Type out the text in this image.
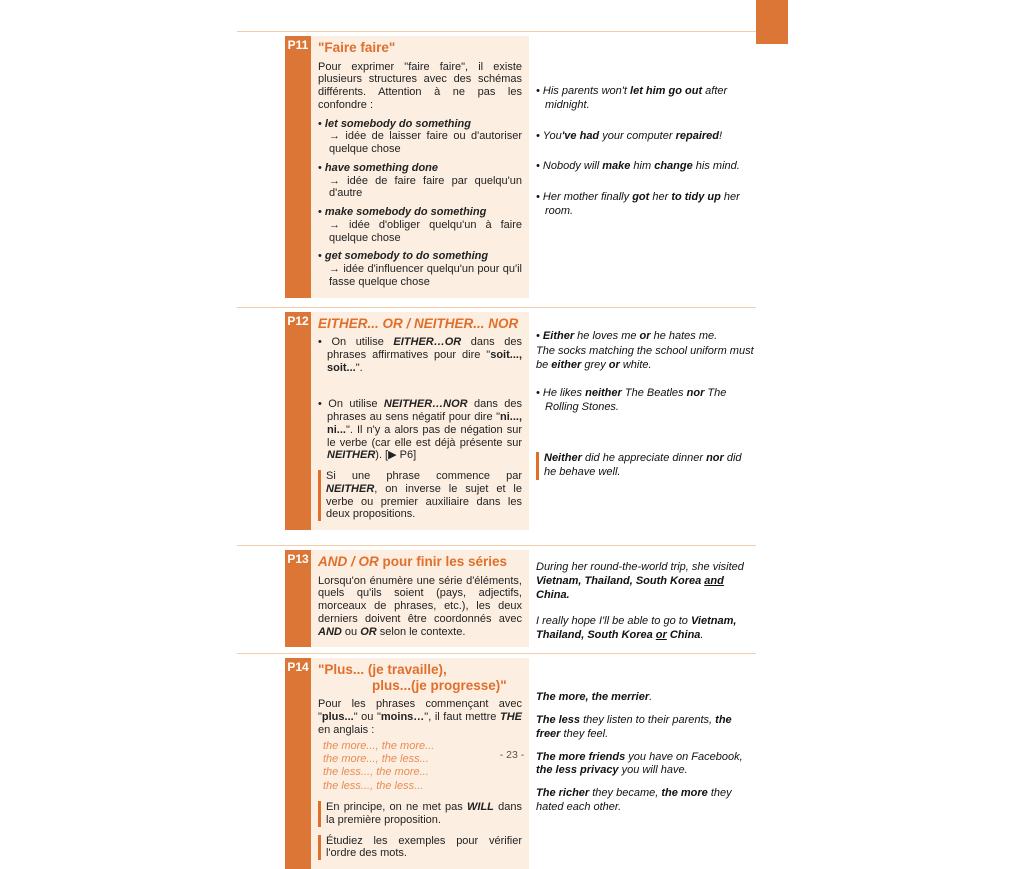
P11 "Faire faire"
Pour exprimer "faire faire", il existe plusieurs structures avec des schémas différents. Attention à ne pas les confondre :
• let somebody do something
→ idée de laisser faire ou d'autoriser quelque chose
• have something done
→ idée de faire faire par quelqu'un d'autre
• make somebody do something
→ idée d'obliger quelqu'un à faire quelque chose
• get somebody to do something
→ idée d'influencer quelqu'un pour qu'il fasse quelque chose
• His parents won't let him go out after midnight.
• You've had your computer repaired!
• Nobody will make him change his mind.
• Her mother finally got her to tidy up her room.
P12 EITHER... OR / NEITHER... NOR
• On utilise EITHER…OR dans des phrases affirmatives pour dire "soit..., soit...".
• On utilise NEITHER…NOR dans des phrases au sens négatif pour dire "ni..., ni...". Il n'y a alors pas de négation sur le verbe (car elle est déjà présente sur NEITHER). [▶ P6]
Si une phrase commence par NEITHER, on inverse le sujet et le verbe ou premier auxiliaire dans les deux propositions.
• Either he loves me or he hates me.
The socks matching the school uniform must be either grey or white.
• He likes neither The Beatles nor The Rolling Stones.
Neither did he appreciate dinner nor did he behave well.
P13 AND / OR pour finir les séries
Lorsqu'on énumère une série d'éléments, quels qu'ils soient (pays, adjectifs, morceaux de phrases, etc.), les deux derniers doivent être coordonnés avec AND ou OR selon le contexte.
During her round-the-world trip, she visited Vietnam, Thailand, South Korea and China.
I really hope I'll be able to go to Vietnam, Thailand, South Korea or China.
P14 "Plus... (je travaille),
plus...(je progresse)"
Pour les phrases commençant avec "plus..." ou "moins…", il faut mettre THE en anglais :
the more..., the more...
the more..., the less...
the less..., the more...
the less..., the less...
En principe, on ne met pas WILL dans la première proposition.
Étudiez les exemples pour vérifier l'ordre des mots.
The more, the merrier.
The less they listen to their parents, the freer they feel.
The more friends you have on Facebook, the less privacy you will have.
The richer they became, the more they hated each other.
- 23 -
